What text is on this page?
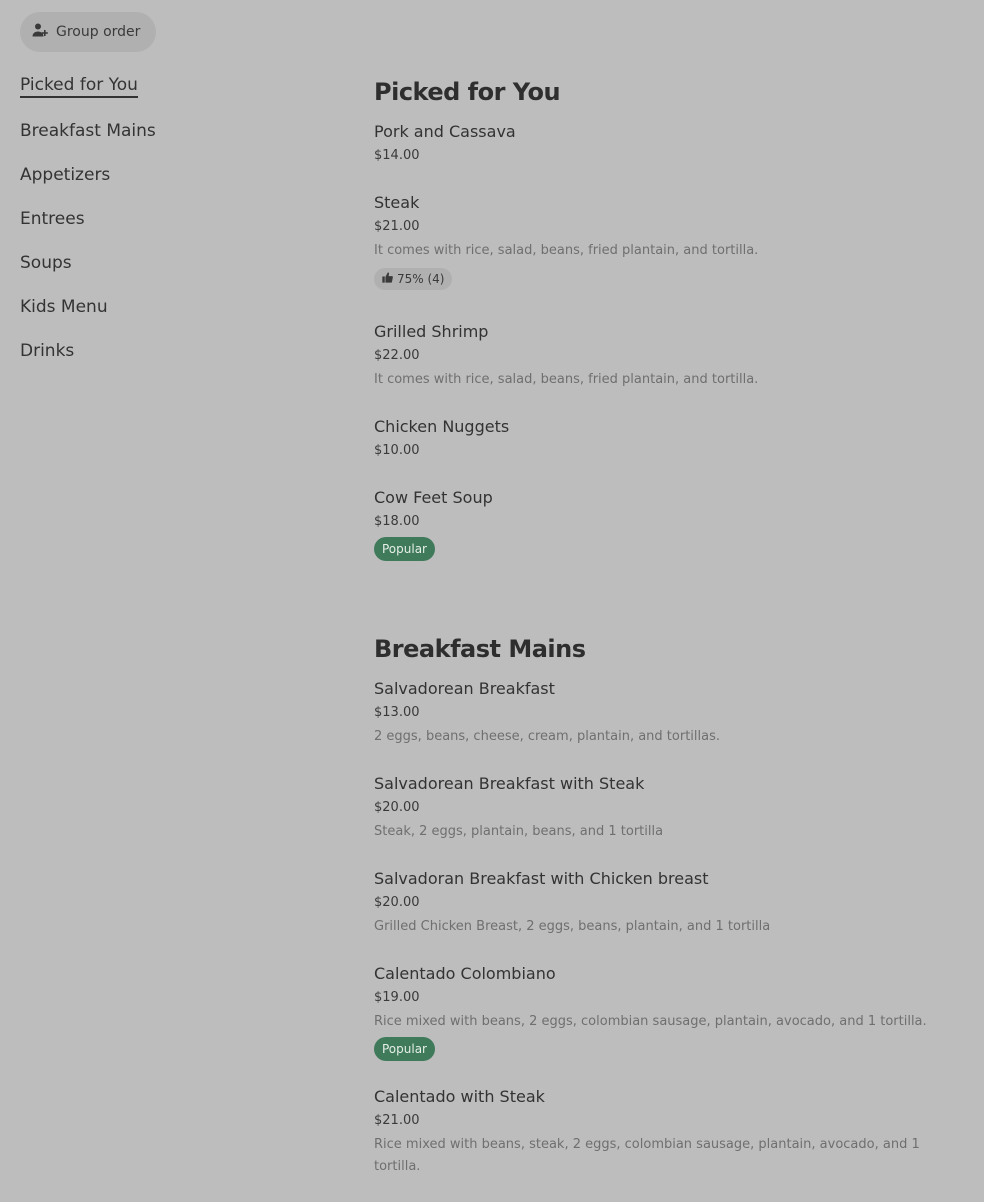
Group order
Picked for You
Breakfast Mains
Appetizers
Entrees
Soups
Kids Menu
Drinks
Picked for You
Pork and Cassava
$14.00
Steak
$21.00
It comes with rice, salad, beans, fried plantain, and tortilla.
75% (4)
Grilled Shrimp
$22.00
It comes with rice, salad, beans, fried plantain, and tortilla.
Chicken Nuggets
$10.00
Cow Feet Soup
$18.00
Popular
Breakfast Mains
Salvadorean Breakfast
$13.00
2 eggs, beans, cheese, cream, plantain, and tortillas.
Salvadorean Breakfast with Steak
$20.00
Steak, 2 eggs, plantain, beans, and 1 tortilla
Salvadoran Breakfast with Chicken breast
$20.00
Grilled Chicken Breast, 2 eggs, beans, plantain, and 1 tortilla
Calentado Colombiano
$19.00
Rice mixed with beans, 2 eggs, colombian sausage, plantain, avocado, and 1 tortilla.
Popular
Calentado with Steak
$21.00
Rice mixed with beans, steak, 2 eggs, colombian sausage, plantain, avocado, and 1 tortilla.
